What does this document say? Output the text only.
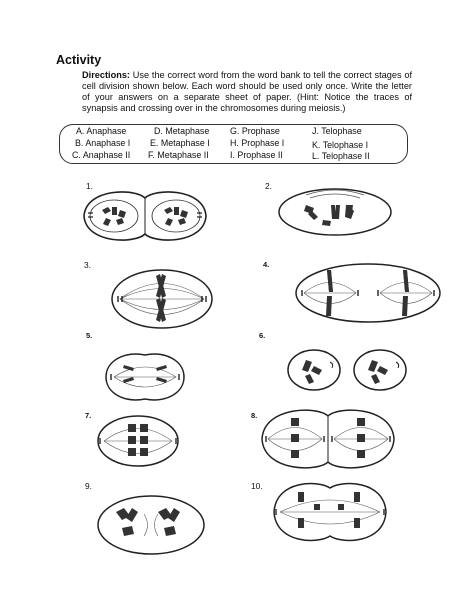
Activity
Directions: Use the correct word from the word bank to tell the correct stages of cell division shown below. Each word should be used only once. Write the letter of your answers on a separate sheet of paper. (Hint: Notice the traces of synapsis and crossing over in the chromosomes during meiosis.)
A. Anaphase	D. Metaphase G. Prophase	J. Telophase
B. Anaphase I E. Metaphase I H. Prophase I	K. Telophase I
C. Anaphase II F. Metaphase II I. Prophase II	L. Telophase II
1.	2.
3.	4.
5.	6.
7.	8.
9.	10.
